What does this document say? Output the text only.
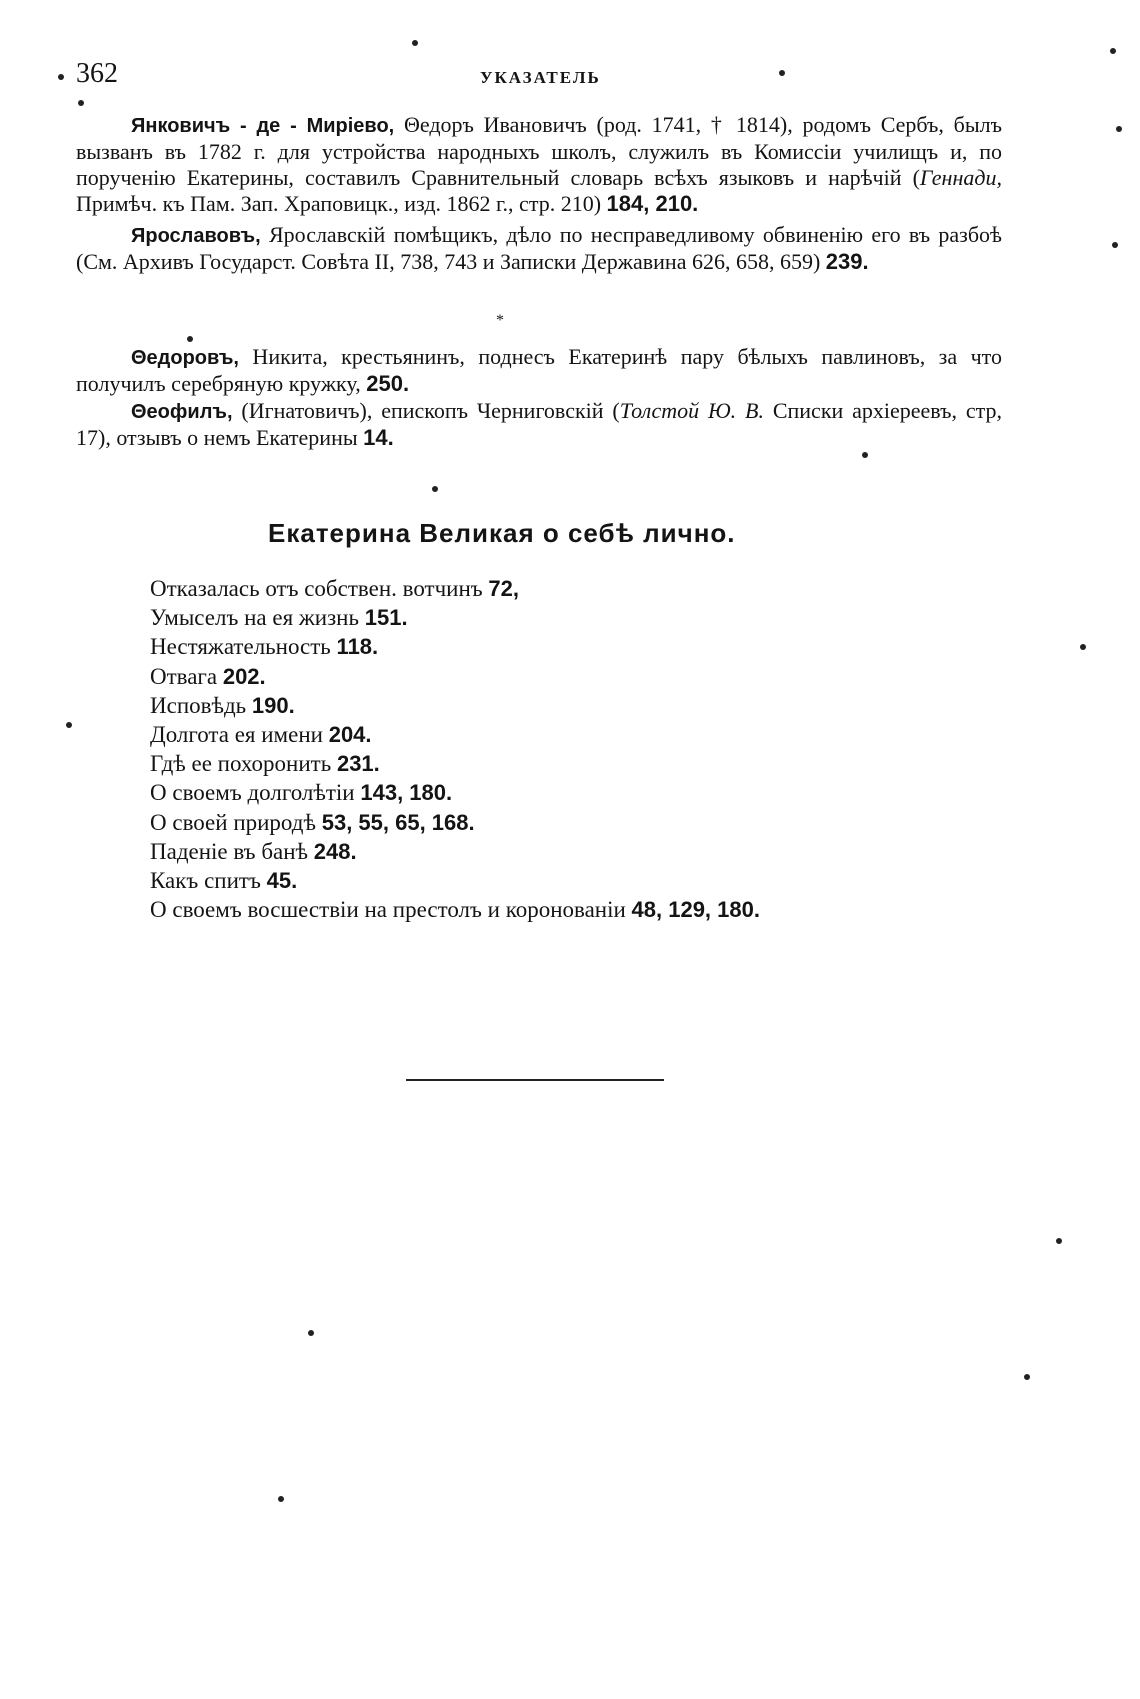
362	УКАЗАТЕЛЬ

Янковичъ - де - Миріево, Θедоръ Ивановичъ (род. 1741, † 1814), родомъ Сербъ, былъ вызванъ въ 1782 г. для устройства народныхъ школъ, служилъ въ Комиссіи училищъ и, по порученію Екатерины, составилъ Сравнительный словарь всѣхъ языковъ и нарѣчій (Геннади, Примѣч. къ Пам. Зап. Храповицк., изд. 1862 г., стр. 210) 184, 210.

Ярославовъ, Ярославскій помѣщикъ, дѣло по несправедливому обвиненію его въ разбоѣ (См. Архивъ Государст. Совѣта II, 738, 743 и Записки Державина 626, 658, 659) 239.

*

Θедоровъ, Никита, крестьянинъ, поднесъ Екатеринѣ пару бѣлыхъ павлиновъ, за что получилъ серебряную кружку, 250.

Θеофилъ, (Игнатовичъ), епископъ Черниговскій (Толстой Ю. В. Списки архіереевъ, стр, 17), отзывъ о немъ Екатерины 14.

Екатерина Великая о себѣ лично.
Отказалась отъ собствен. вотчинъ 72,
Умыселъ на ея жизнь 151.
Нестяжательность 118.
Отвага 202.
Исповѣдь 190.
Долгота ея имени 204.
Гдѣ ее похоронить 231.
О своемъ долголѣтіи 143, 180.
О своей природѣ 53, 55, 65, 168.
Паденіе въ банѣ 248.
Какъ спитъ 45.
О своемъ восшествіи на престолъ и коронованіи 48, 129, 180.
